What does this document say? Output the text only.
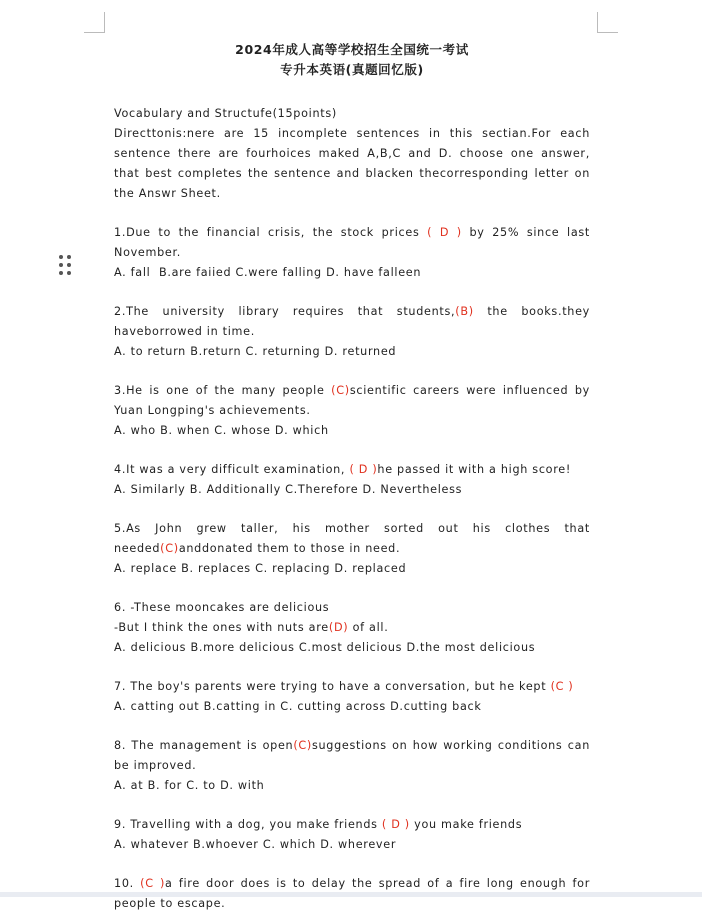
2024年成人高等学校招生全国统一考试
专升本英语(真题回忆版)
Vocabulary and Structufe(15points)
Directtonis:nere are 15 incomplete sentences in this sectian.For each
sentence there are fourhoices maked A,B,C and D. choose one answer,
that best completes the sentence and blacken thecorresponding letter on
the Answr Sheet.
1.Due to the financial crisis, the stock prices ( D ) by 25% since last
November.
A. fall  B.are faiied C.were falling D. have falleen
2.The university library requires that students,(B) the books.they
haveborrowed in time.
A. to return B.return C. returning D. returned
3.He is one of the many people (C)scientific careers were influenced by
Yuan Longping's achievements.
A. who B. when C. whose D. which
4.It was a very difficult examination, ( D )he passed it with a high score!
A. Similarly B. Additionally C.Therefore D. Nevertheless
5.As John grew taller, his mother sorted out his clothes that
needed(C)anddonated them to those in need.
A. replace B. replaces C. replacing D. replaced
6. -These mooncakes are delicious
-But I think the ones with nuts are(D) of all.
A. delicious B.more delicious C.most delicious D.the most delicious
7. The boy's parents were trying to have a conversation, but he kept (C )
A. catting out B.catting in C. cutting across D.cutting back
8. The management is open(C)suggestions on how working conditions can
be improved.
A. at B. for C. to D. with
9. Travelling with a dog, you make friends ( D ) you make friends
A. whatever B.whoever C. which D. wherever
10. (C )a fire door does is to delay the spread of a fire long enough for
people to escape.
